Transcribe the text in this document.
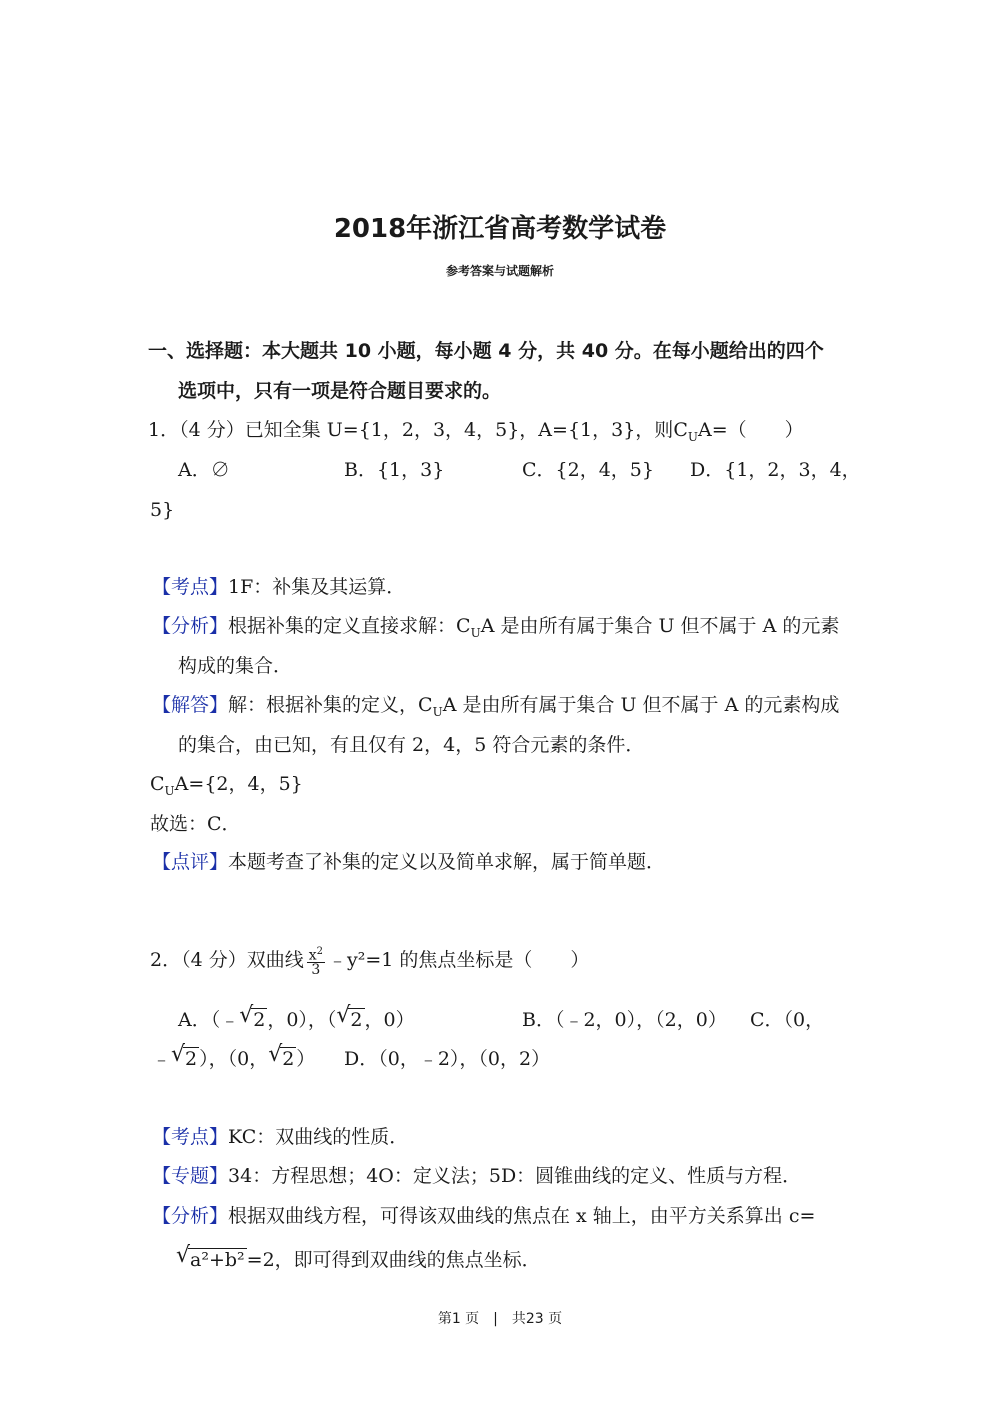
2018年浙江省高考数学试卷
参考答案与试题解析
一、选择题：本大题共 10 小题，每小题 4 分，共 40 分。在每小题给出的四个
选项中，只有一项是符合题目要求的。
1．（4 分）已知全集 U={1，2，3，4，5}，A={1，3}，则$C_UA=$（　　）
A．∅	B．{1，3}	C．{2，4，5} D．{1，2，3，4，
5}
【考点】1F：补集及其运算．
【分析】根据补集的定义直接求解：$C_UA$ 是由所有属于集合 U 但不属于 A 的元素
构成的集合．
【解答】解：根据补集的定义，$C_UA$ 是由所有属于集合 U 但不属于 A 的元素构成
的集合，由已知，有且仅有 2，4，5 符合元素的条件．
$C_UA=\{2$，4，5}
故选：C．
【点评】本题考查了补集的定义以及简单求解，属于简单题．
2．（4 分）双曲线 $\frac{x^2}{3}$ ﹣y²=1 的焦点坐标是（　　）
A．（﹣ √ 2 ，0），（ √ 2 ，0）	B．（﹣2，0），（2，0） C．（0，
﹣ √ 2 ），（0， √ 2 ） D．（0，﹣2），（0，2）
【考点】KC：双曲线的性质．
【专题】34：方程思想；4O：定义法；5D：圆锥曲线的定义、性质与方程．
【分析】根据双曲线方程，可得该双曲线的焦点在 x 轴上，由平方关系算出 c=
√ a²+b² =2，即可得到双曲线的焦点坐标．
第1 页　|　共23 页
